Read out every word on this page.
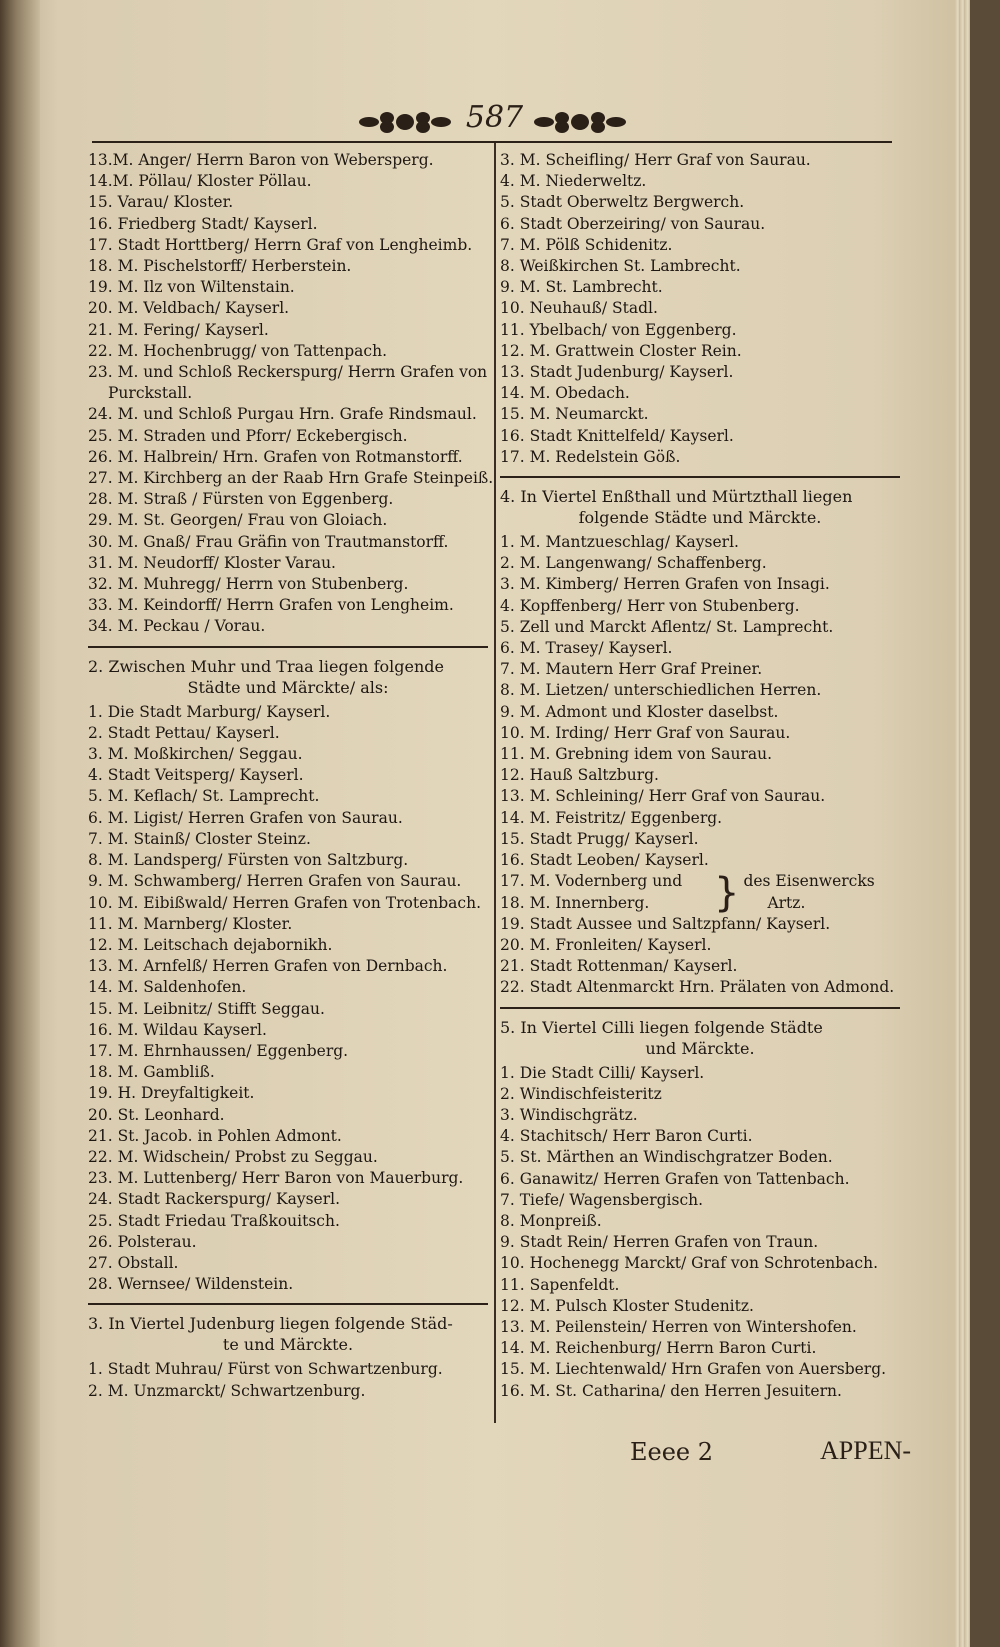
587
13.M. Anger/ Herrn Baron von Webersperg.
14.M. Pöllau/ Kloster Pöllau.
15. Varau/ Kloster.
16. Friedberg Stadt/ Kayserl.
17. Stadt Horttberg/ Herrn Graf von Lengheimb.
18. M. Pischelstorff/ Herberstein.
19. M. Ilz von Wiltenstain.
20. M. Veldbach/ Kayserl.
21. M. Fering/ Kayserl.
22. M. Hochenbrugg/ von Tattenpach.
23. M. und Schloß Reckerspurg/ Herrn Grafen von
Purckstall.
24. M. und Schloß Purgau Hrn. Grafe Rindsmaul.
25. M. Straden und Pforr/ Eckebergisch.
26. M. Halbrein/ Hrn. Grafen von Rotmanstorff.
27. M. Kirchberg an der Raab Hrn Grafe Steinpeiß.
28. M. Straß / Fürsten von Eggenberg.
29. M. St. Georgen/ Frau von Gloiach.
30. M. Gnaß/ Frau Gräfin von Trautmanstorff.
31. M. Neudorff/ Kloster Varau.
32. M. Muhregg/ Herrn von Stubenberg.
33. M. Keindorff/ Herrn Grafen von Lengheim.
34. M. Peckau / Vorau.
2. Zwischen Muhr und Traa liegen folgende
Städte und Märckte/ als:
1. Die Stadt Marburg/ Kayserl.
2. Stadt Pettau/ Kayserl.
3. M. Moßkirchen/ Seggau.
4. Stadt Veitsperg/ Kayserl.
5. M. Keflach/ St. Lamprecht.
6. M. Ligist/ Herren Grafen von Saurau.
7. M. Stainß/ Closter Steinz.
8. M. Landsperg/ Fürsten von Saltzburg.
9. M. Schwamberg/ Herren Grafen von Saurau.
10. M. Eibißwald/ Herren Grafen von Trotenbach.
11. M. Marnberg/ Kloster.
12. M. Leitschach dejabornikh.
13. M. Arnfelß/ Herren Grafen von Dernbach.
14. M. Saldenhofen.
15. M. Leibnitz/ Stifft Seggau.
16. M. Wildau Kayserl.
17. M. Ehrnhaussen/ Eggenberg.
18. M. Gambliß.
19. H. Dreyfaltigkeit.
20. St. Leonhard.
21. St. Jacob. in Pohlen Admont.
22. M. Widschein/ Probst zu Seggau.
23. M. Luttenberg/ Herr Baron von Mauerburg.
24. Stadt Rackerspurg/ Kayserl.
25. Stadt Friedau Traßkouitsch.
26. Polsterau.
27. Obstall.
28. Wernsee/ Wildenstein.
3. In Viertel Judenburg liegen folgende Städ-
te und Märckte.
1. Stadt Muhrau/ Fürst von Schwartzenburg.
2. M. Unzmarckt/ Schwartzenburg.
3. M. Scheifling/ Herr Graf von Saurau.
4. M. Niederweltz.
5. Stadt Oberweltz Bergwerch.
6. Stadt Oberzeiring/ von Saurau.
7. M. Pölß Schidenitz.
8. Weißkirchen St. Lambrecht.
9. M. St. Lambrecht.
10. Neuhauß/ Stadl.
11. Ybelbach/ von Eggenberg.
12. M. Grattwein Closter Rein.
13. Stadt Judenburg/ Kayserl.
14. M. Obedach.
15. M. Neumarckt.
16. Stadt Knittelfeld/ Kayserl.
17. M. Redelstein Göß.
4. In Viertel Enßthall und Mürtzthall liegen
folgende Städte und Märckte.
1. M. Mantzueschlag/ Kayserl.
2. M. Langenwang/ Schaffenberg.
3. M. Kimberg/ Herren Grafen von Insagi.
4. Kopffenberg/ Herr von Stubenberg.
5. Zell und Marckt Aflentz/ St. Lamprecht.
6. M. Trasey/ Kayserl.
7. M. Mautern Herr Graf Preiner.
8. M. Lietzen/ unterschiedlichen Herren.
9. M. Admont und Kloster daselbst.
10. M. Irding/ Herr Graf von Saurau.
11. M. Grebning idem von Saurau.
12. Hauß Saltzburg.
13. M. Schleining/ Herr Graf von Saurau.
14. M. Feistritz/ Eggenberg.
15. Stadt Prugg/ Kayserl.
16. Stadt Leoben/ Kayserl.
17. M. Vodernberg und
18. M. Innernberg.	} des Eisenwercks
Artz.
19. Stadt Aussee und Saltzpfann/ Kayserl.
20. M. Fronleiten/ Kayserl.
21. Stadt Rottenman/ Kayserl.
22. Stadt Altenmarckt Hrn. Prälaten von Admond.
5. In Viertel Cilli liegen folgende Städte
und Märckte.
1. Die Stadt Cilli/ Kayserl.
2. Windischfeisteritz
3. Windischgrätz.
4. Stachitsch/ Herr Baron Curti.
5. St. Märthen an Windischgratzer Boden.
6. Ganawitz/ Herren Grafen von Tattenbach.
7. Tiefe/ Wagensbergisch.
8. Monpreiß.
9. Stadt Rein/ Herren Grafen von Traun.
10. Hochenegg Marckt/ Graf von Schrotenbach.
11. Sapenfeldt.
12. M. Pulsch Kloster Studenitz.
13. M. Peilenstein/ Herren von Wintershofen.
14. M. Reichenburg/ Herrn Baron Curti.
15. M. Liechtenwald/ Hrn Grafen von Auersberg.
16. M. St. Catharina/ den Herren Jesuitern.
Eeee 2	APPEN-
